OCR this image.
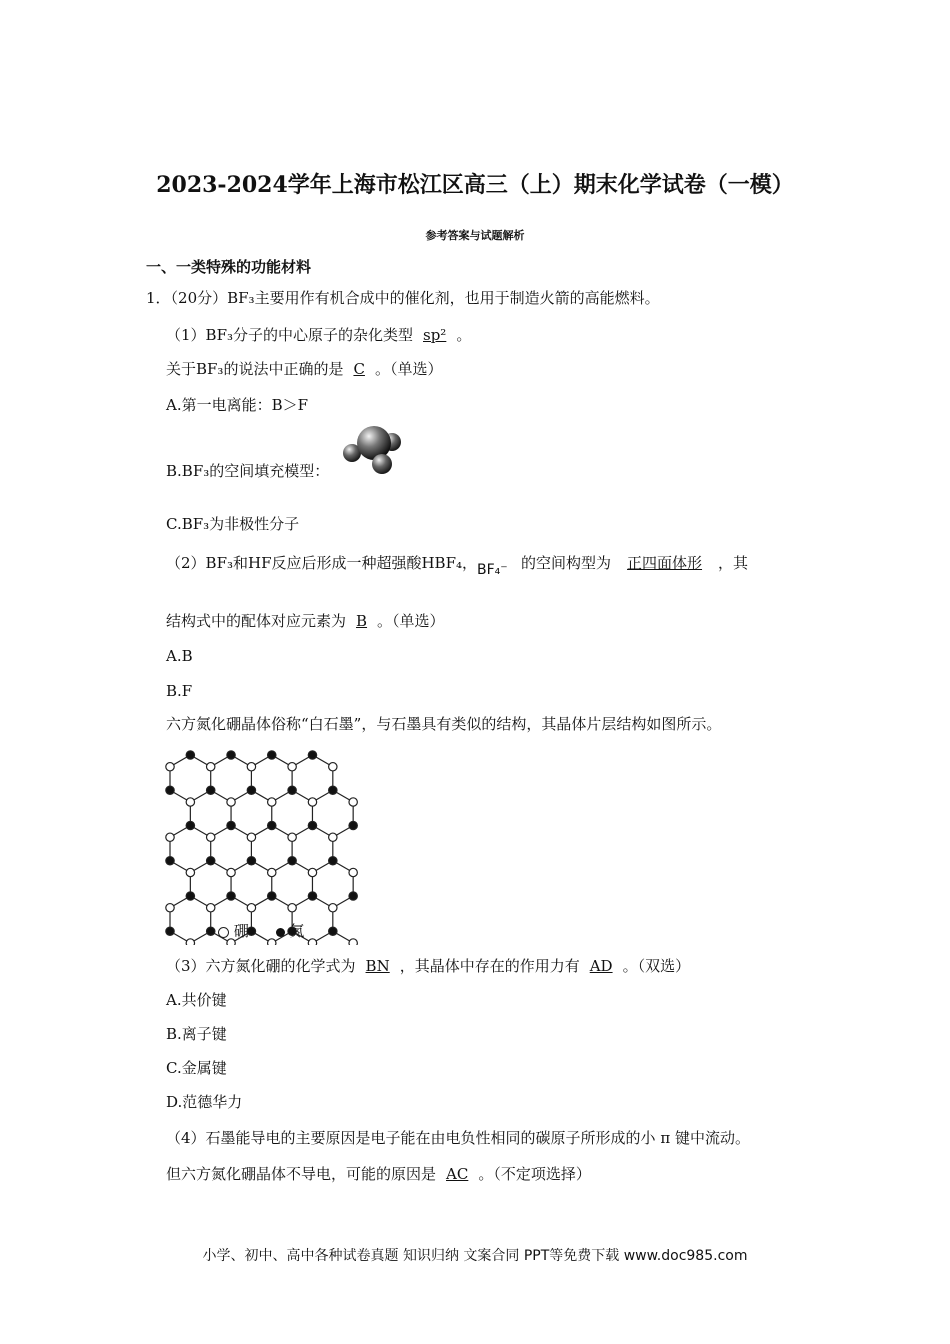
2023-2024学年上海市松江区高三（上）期末化学试卷（一模）
参考答案与试题解析
一、一类特殊的功能材料
1．（20分）BF₃主要用作有机合成中的催化剂，也用于制造火箭的高能燃料。
（1）BF₃分子的中心原子的杂化类型 sp² 。
关于BF₃的说法中正确的是 C 。（单选）
A.第一电离能：B＞F
B.BF₃的空间填充模型：
C.BF₃为非极性分子
（2）BF₃和HF反应后形成一种超强酸HBF₄，BF₄⁻ 的空间构型为 正四面体形 ，其
结构式中的配体对应元素为 B 。（单选）
A.B
B.F
六方氮化硼晶体俗称“白石墨”，与石墨具有类似的结构，其晶体片层结构如图所示。
硼	氮
（3）六方氮化硼的化学式为 BN ，其晶体中存在的作用力有 AD 。（双选）
A.共价键
B.离子键
C.金属键
D.范德华力
（4）石墨能导电的主要原因是电子能在由电负性相同的碳原子所形成的小 π 键中流动。
但六方氮化硼晶体不导电，可能的原因是 AC 。（不定项选择）
小学、初中、高中各种试卷真题 知识归纳 文案合同 PPT等免费下载 www.doc985.com
